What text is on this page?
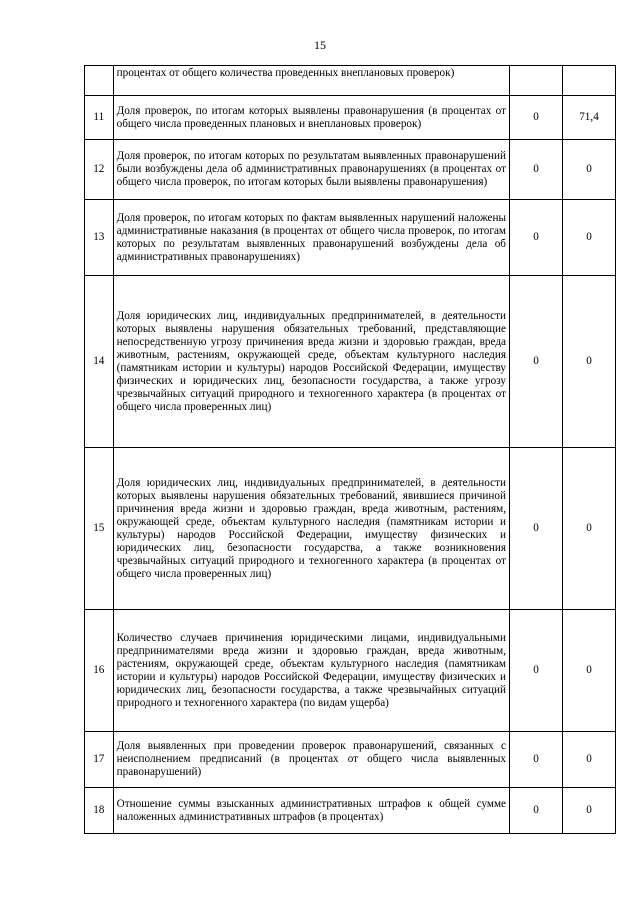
15
	процентах от общего количества проведенных внеплановых проверок)		
11	Доля проверок, по итогам которых выявлены правонарушения (в процентах от общего числа проведенных плановых и внеплановых проверок)	0	71,4
12	Доля проверок, по итогам которых по результатам выявленных правонарушений были возбуждены дела об административных правонарушениях (в процентах от общего числа проверок, по итогам которых были выявлены правонарушения)	0	0
13	Доля проверок, по итогам которых по фактам выявленных нарушений наложены административные наказания (в процентах от общего числа проверок, по итогам которых по результатам выявленных правонарушений возбуждены дела об административных правонарушениях)	0	0
14	Доля юридических лиц, индивидуальных предпринимателей, в деятельности которых выявлены нарушения обязательных требований, представляющие непосредственную угрозу причинения вреда жизни и здоровью граждан, вреда животным, растениям, окружающей среде, объектам культурного наследия (памятникам истории и культуры) народов Российской Федерации, имуществу физических и юридических лиц, безопасности государства, а также угрозу чрезвычайных ситуаций природного и техногенного характера (в процентах от общего числа проверенных лиц)	0	0
15	Доля юридических лиц, индивидуальных предпринимателей, в деятельности которых выявлены нарушения обязательных требований, явившиеся причиной причинения вреда жизни и здоровью граждан, вреда животным, растениям, окружающей среде, объектам культурного наследия (памятникам истории и культуры) народов Российской Федерации, имуществу физических и юридических лиц, безопасности государства, а также возникновения чрезвычайных ситуаций природного и техногенного характера (в процентах от общего числа проверенных лиц)	0	0
16	Количество случаев причинения юридическими лицами, индивидуальными предпринимателями вреда жизни и здоровью граждан, вреда животным, растениям, окружающей среде, объектам культурного наследия (памятникам истории и культуры) народов Российской Федерации, имуществу физических и юридических лиц, безопасности государства, а также чрезвычайных ситуаций природного и техногенного характера (по видам ущерба)	0	0
17	Доля выявленных при проведении проверок правонарушений, связанных с неисполнением предписаний (в процентах от общего числа выявленных правонарушений)	0	0
18	Отношение суммы взысканных административных штрафов к общей сумме наложенных административных штрафов (в процентах)	0	0
